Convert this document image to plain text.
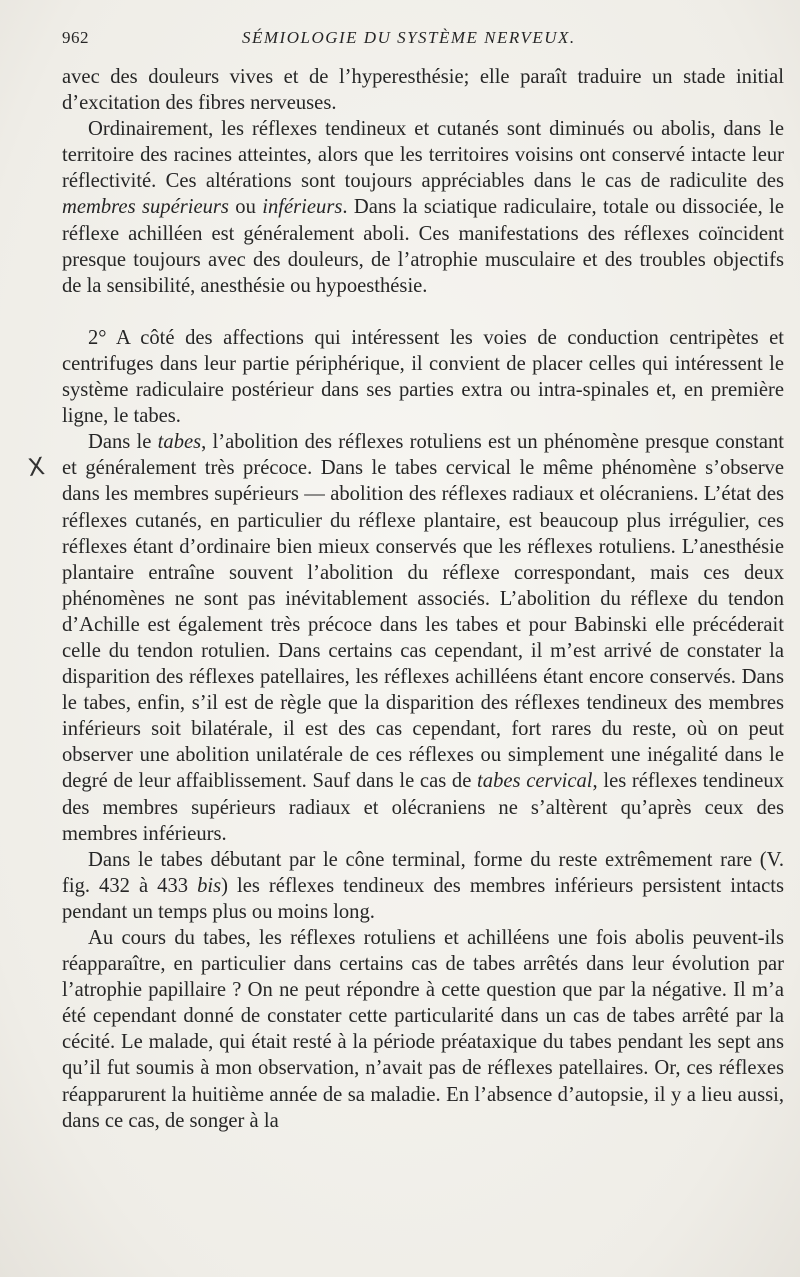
962	SÉMIOLOGIE DU SYSTÈME NERVEUX.
X

avec des douleurs vives et de l’hyperesthésie; elle paraît traduire un stade initial d’excitation des fibres nerveuses.

Ordinairement, les réflexes tendineux et cutanés sont diminués ou abolis, dans le territoire des racines atteintes, alors que les territoires voisins ont conservé intacte leur réflectivité. Ces altérations sont toujours appréciables dans le cas de radiculite des membres supérieurs ou inférieurs. Dans la sciatique radiculaire, totale ou dissociée, le réflexe achilléen est généralement aboli. Ces manifestations des réflexes coïncident presque toujours avec des douleurs, de l’atrophie musculaire et des troubles objectifs de la sensibilité, anesthésie ou hypoesthésie.

2° A côté des affections qui intéressent les voies de conduction centripètes et centrifuges dans leur partie périphérique, il convient de placer celles qui intéressent le système radiculaire postérieur dans ses parties extra ou intra-spinales et, en première ligne, le tabes.

Dans le tabes, l’abolition des réflexes rotuliens est un phénomène presque constant et généralement très précoce. Dans le tabes cervical le même phénomène s’observe dans les membres supérieurs — abolition des réflexes radiaux et olécraniens. L’état des réflexes cutanés, en particulier du réflexe plantaire, est beaucoup plus irrégulier, ces réflexes étant d’ordinaire bien mieux conservés que les réflexes rotuliens. L’anesthésie plantaire entraîne souvent l’abolition du réflexe correspondant, mais ces deux phénomènes ne sont pas inévitablement associés. L’abolition du réflexe du tendon d’Achille est également très précoce dans les tabes et pour Babinski elle précéderait celle du tendon rotulien. Dans certains cas cependant, il m’est arrivé de constater la disparition des réflexes patellaires, les réflexes achilléens étant encore conservés. Dans le tabes, enfin, s’il est de règle que la disparition des réflexes tendineux des membres inférieurs soit bilatérale, il est des cas cependant, fort rares du reste, où on peut observer une abolition unilatérale de ces réflexes ou simplement une inégalité dans le degré de leur affaiblissement. Sauf dans le cas de tabes cervical, les réflexes tendineux des membres supérieurs radiaux et olécraniens ne s’altèrent qu’après ceux des membres inférieurs.

Dans le tabes débutant par le cône terminal, forme du reste extrêmement rare (V. fig. 432 à 433 bis) les réflexes tendineux des membres inférieurs persistent intacts pendant un temps plus ou moins long.

Au cours du tabes, les réflexes rotuliens et achilléens une fois abolis peuvent-ils réapparaître, en particulier dans certains cas de tabes arrêtés dans leur évolution par l’atrophie papillaire ? On ne peut répondre à cette question que par la négative. Il m’a été cependant donné de constater cette particularité dans un cas de tabes arrêté par la cécité. Le malade, qui était resté à la période préataxique du tabes pendant les sept ans qu’il fut soumis à mon observation, n’avait pas de réflexes patellaires. Or, ces réflexes réapparurent la huitième année de sa maladie. En l’absence d’autopsie, il y a lieu aussi, dans ce cas, de songer à la
